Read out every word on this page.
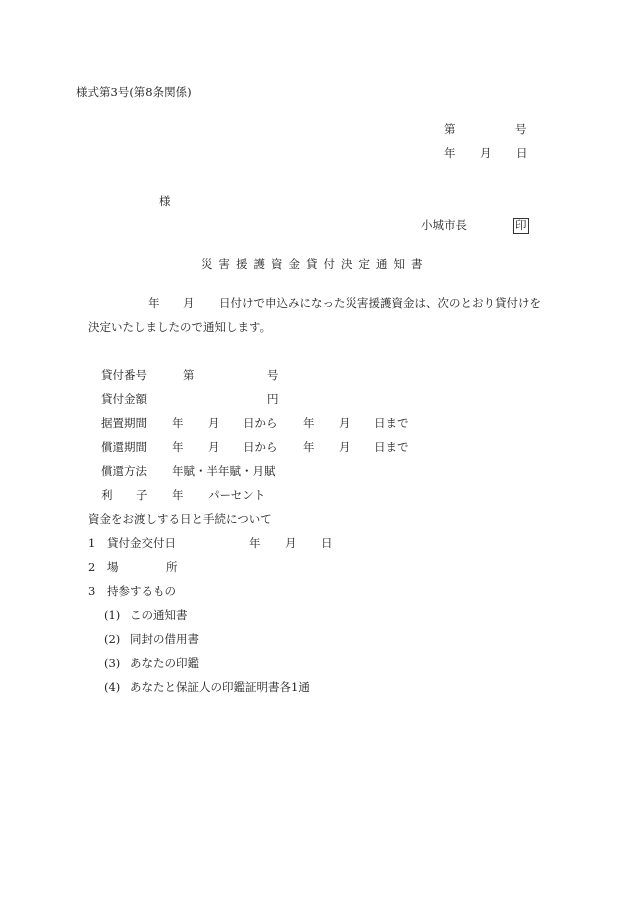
様式第3号(第8条関係)
第	号
年 月 日
様
小城市長	印
災害援護資金貸付決定通知書
年 月 日付けで申込みになった災害援護資金は、次のとおり貸付けを
決定いたしましたので通知します。
貸付番号	第	号
貸付金額	円
据置期間 年 月 日から 年 月 日まで
償還期間 年 月 日から 年 月 日まで
償還方法 年賦・半年賦・月賦
利 子 年 パーセント
資金をお渡しする日と手続について
1 貸付金交付日	年 月 日
2 場	所
3 持参するもの
(1) この通知書
(2) 同封の借用書
(3) あなたの印鑑
(4) あなたと保証人の印鑑証明書各1通
